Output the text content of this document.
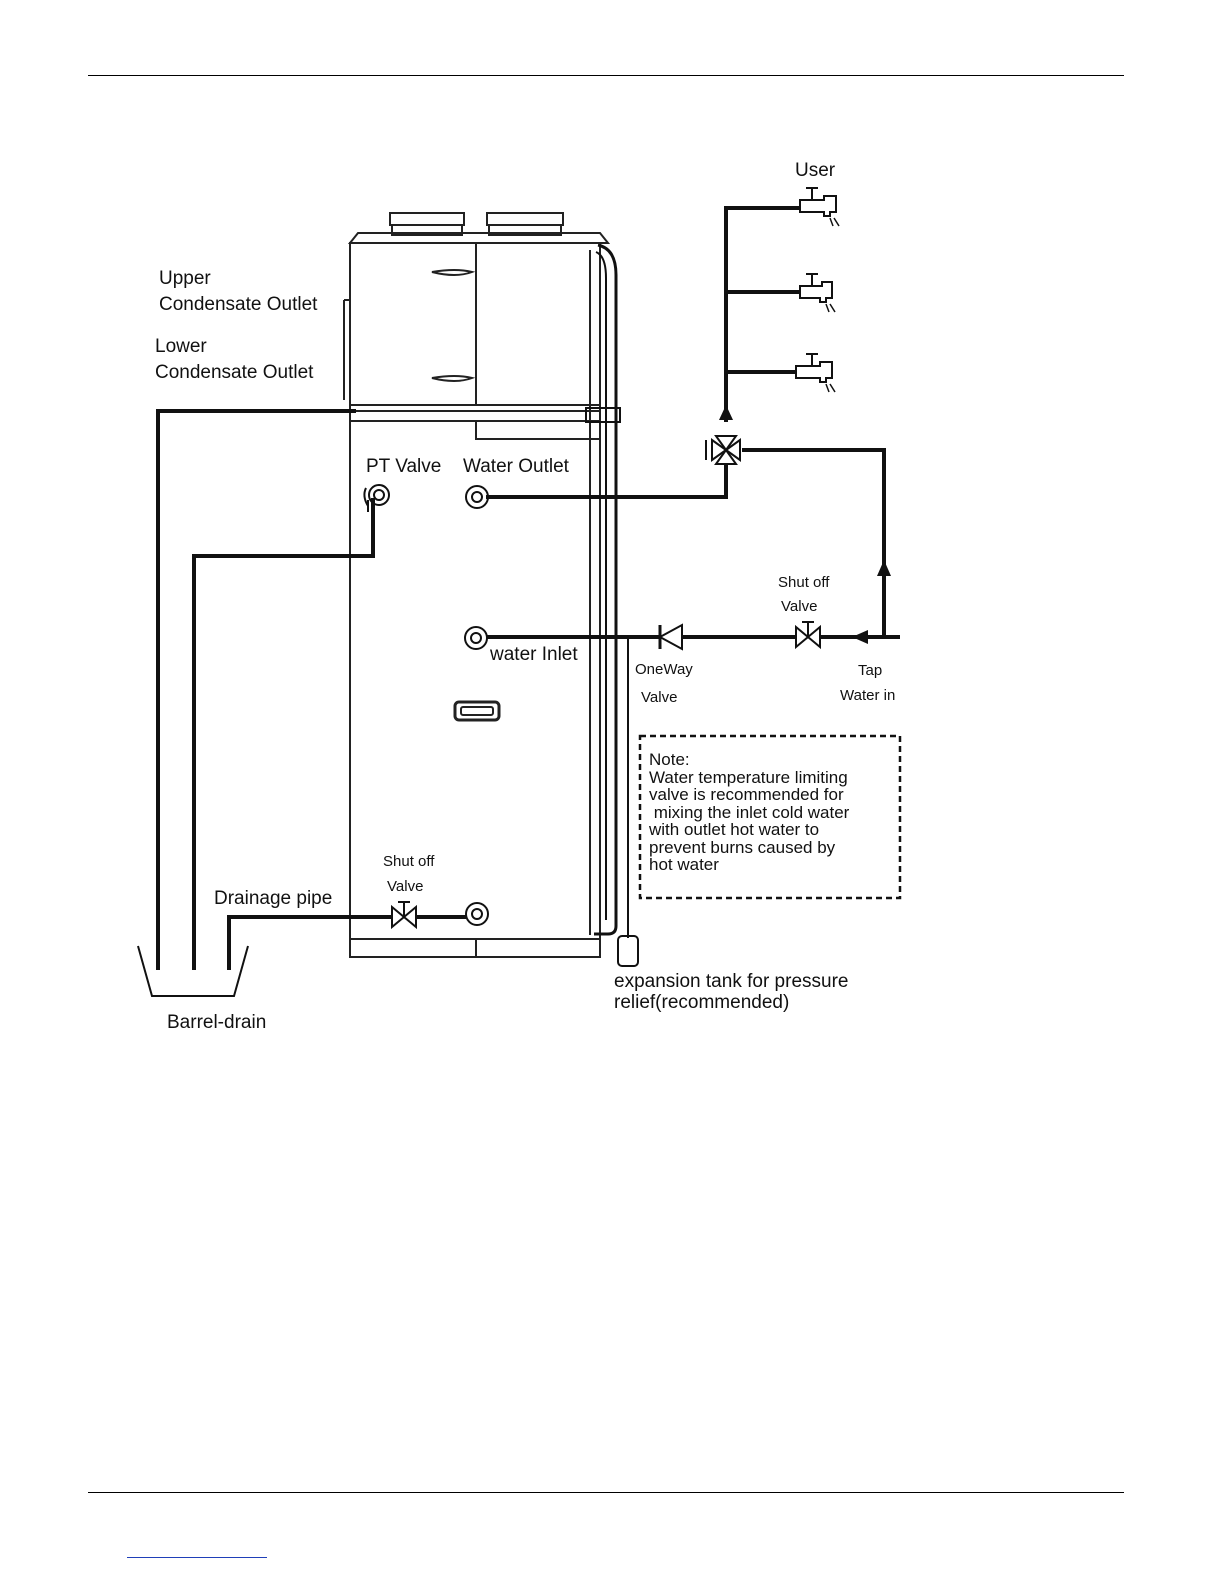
User
Upper
Condensate Outlet
Lower
Condensate Outlet
PT Valve Water Outlet
water Inlet
Shut off
Valve
OneWay
Valve
Tap
Water in
Shut off
Valve
Drainage pipe
Barrel-drain
expansion tank for pressure
relief(recommended)
Note:
Water temperature limiting
valve is recommended for
mixing the inlet cold water
with outlet hot water to
prevent burns caused by
hot water
